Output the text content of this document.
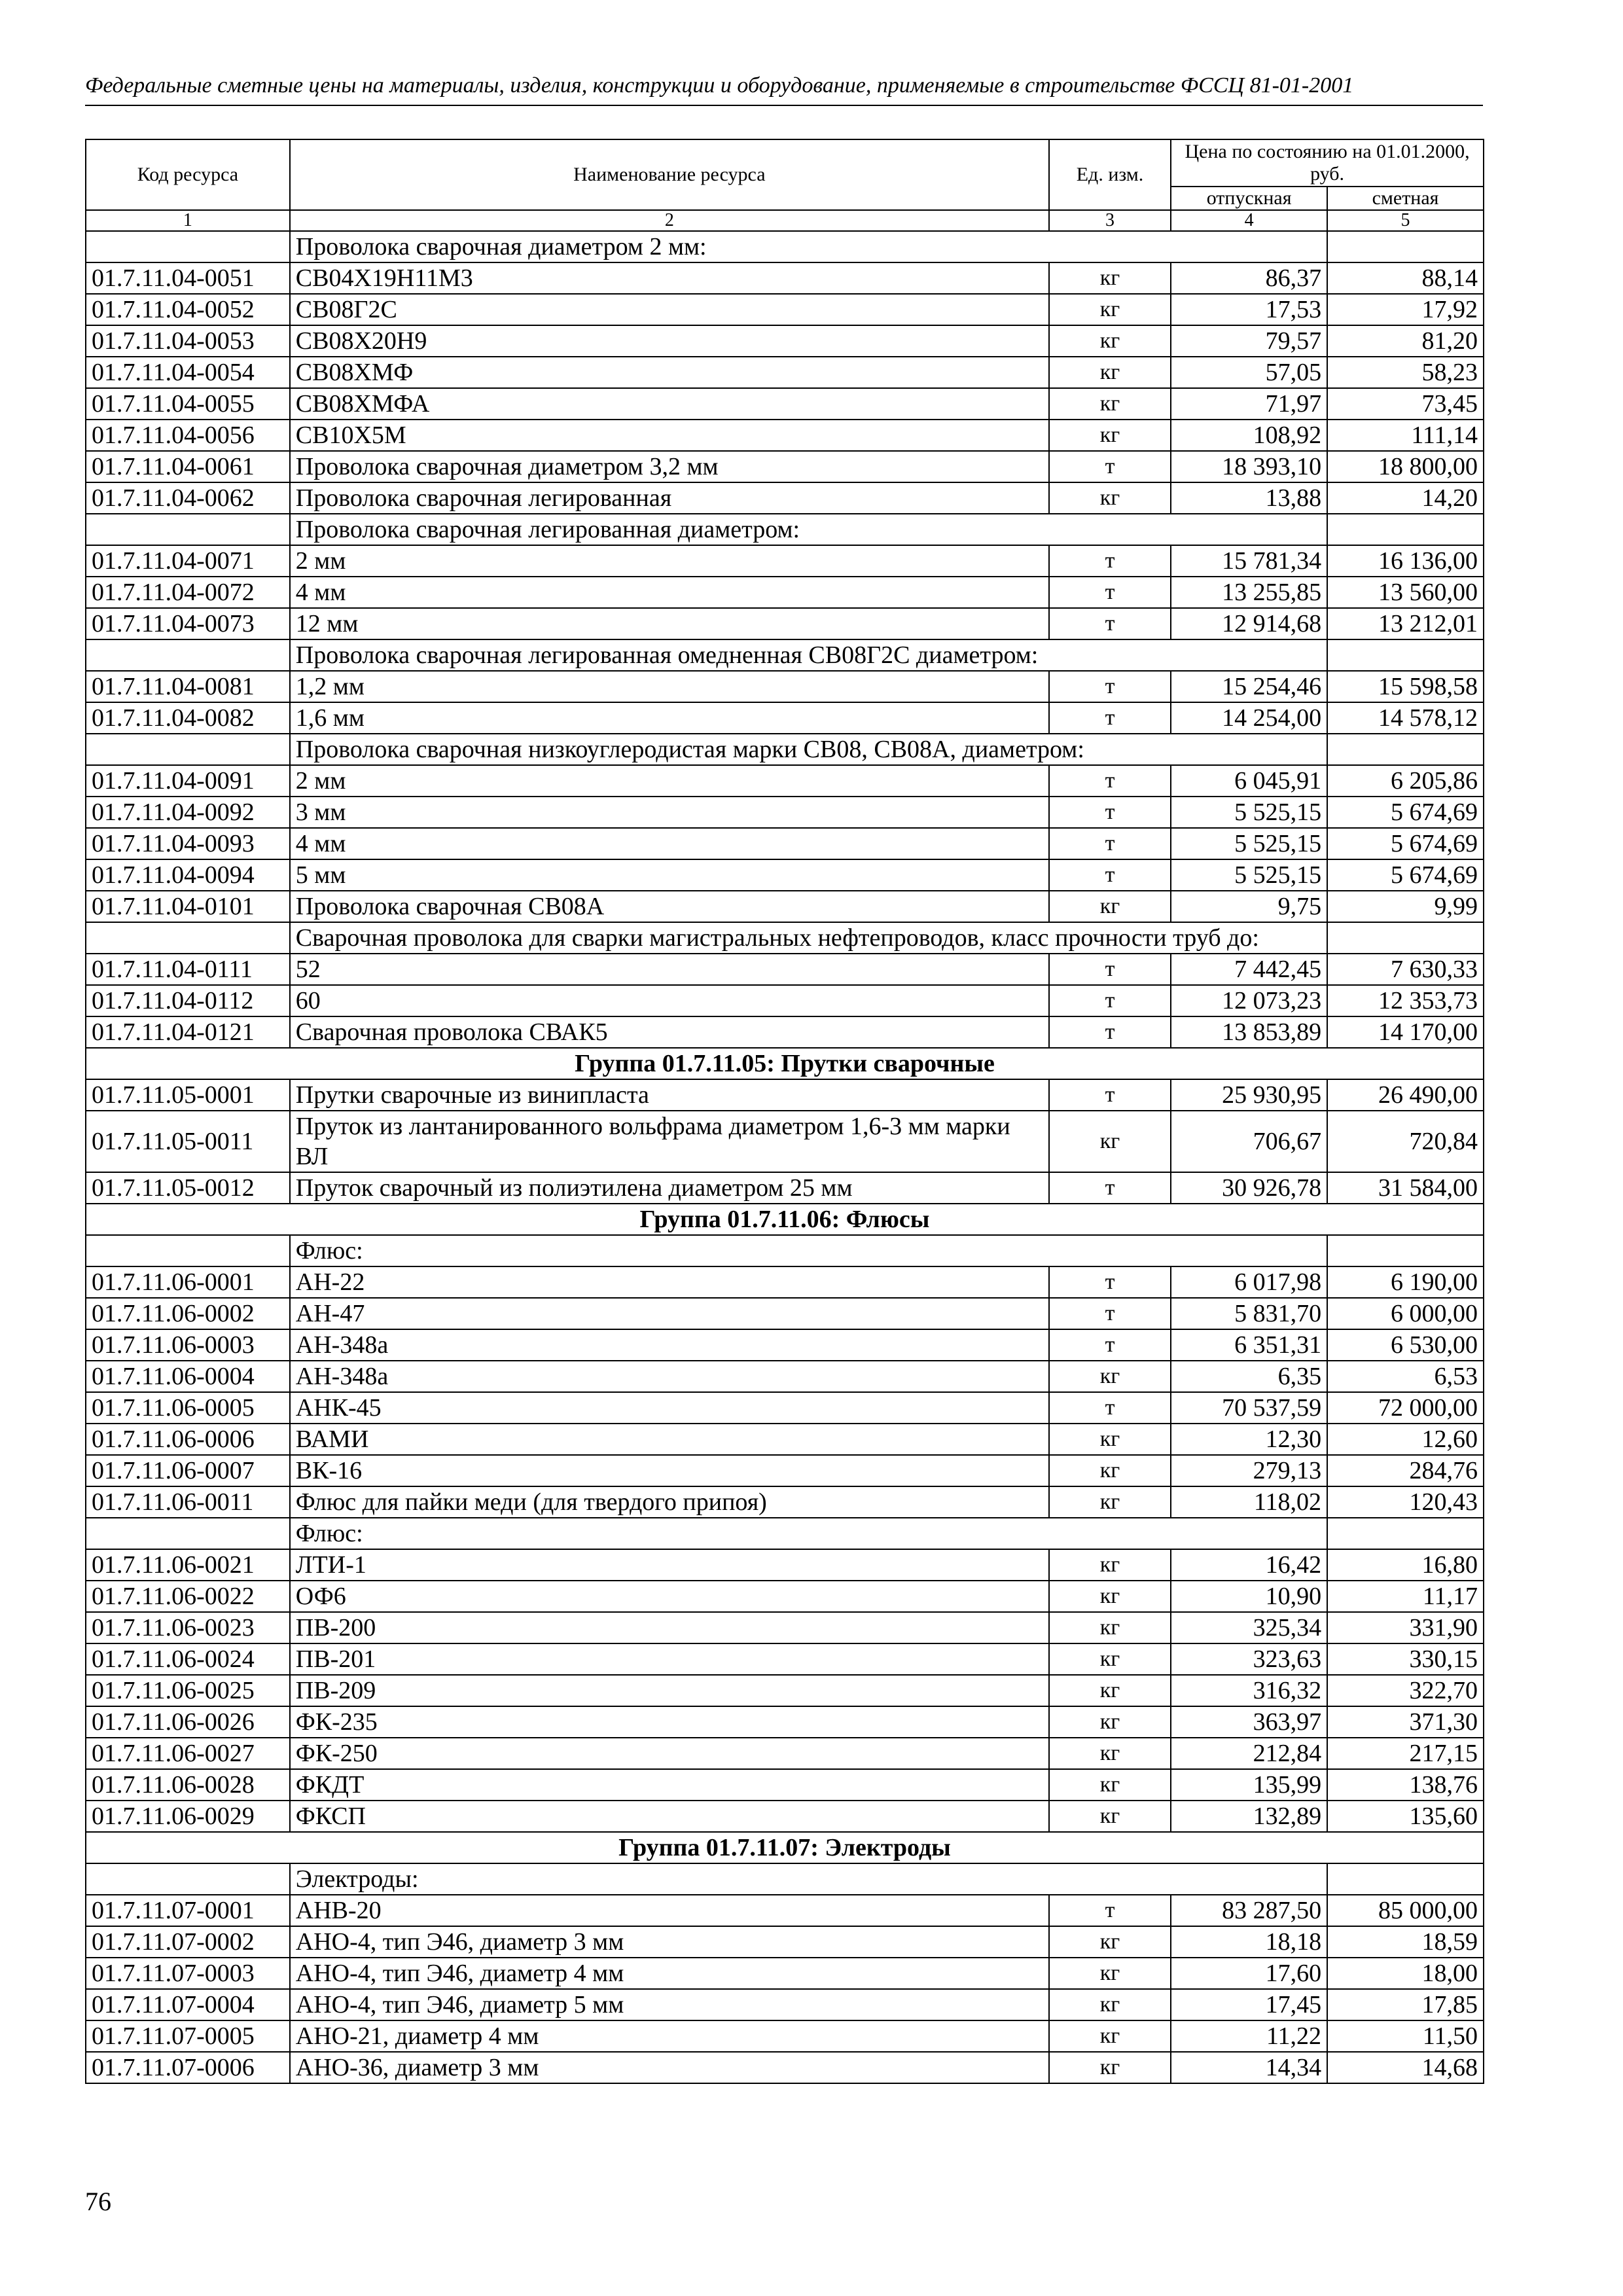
Федеральные сметные цены на материалы, изделия, конструкции и оборудование, применяемые в строительстве ФССЦ 81-01-2001
Код ресурса	Наименование ресурса	Ед. изм.	Цена по состоянию на 01.01.2000, руб.	
			отпускная	сметная
1	2	3	4	5
	Проволока сварочная диаметром 2 мм:			
01.7.11.04-0051	СВ04Х19Н11М3	кг	86,37	88,14
01.7.11.04-0052	СВ08Г2С	кг	17,53	17,92
01.7.11.04-0053	СВ08Х20Н9	кг	79,57	81,20
01.7.11.04-0054	СВ08ХМФ	кг	57,05	58,23
01.7.11.04-0055	СВ08ХМФА	кг	71,97	73,45
01.7.11.04-0056	СВ10Х5М	кг	108,92	111,14
01.7.11.04-0061	Проволока сварочная диаметром 3,2 мм	т	18 393,10	18 800,00
01.7.11.04-0062	Проволока сварочная легированная	кг	13,88	14,20
	Проволока сварочная легированная диаметром:			
01.7.11.04-0071	2 мм	т	15 781,34	16 136,00
01.7.11.04-0072	4 мм	т	13 255,85	13 560,00
01.7.11.04-0073	12 мм	т	12 914,68	13 212,01
	Проволока сварочная легированная омедненная СВ08Г2С диаметром:			
01.7.11.04-0081	1,2 мм	т	15 254,46	15 598,58
01.7.11.04-0082	1,6 мм	т	14 254,00	14 578,12
	Проволока сварочная низкоуглеродистая марки СВ08, СВ08А, диаметром:			
01.7.11.04-0091	2 мм	т	6 045,91	6 205,86
01.7.11.04-0092	3 мм	т	5 525,15	5 674,69
01.7.11.04-0093	4 мм	т	5 525,15	5 674,69
01.7.11.04-0094	5 мм	т	5 525,15	5 674,69
01.7.11.04-0101	Проволока сварочная СВ08А	кг	9,75	9,99
	Сварочная проволока для сварки магистральных нефтепроводов, класс прочности труб до:			
01.7.11.04-0111	52	т	7 442,45	7 630,33
01.7.11.04-0112	60	т	12 073,23	12 353,73
01.7.11.04-0121	Сварочная проволока СВАК5	т	13 853,89	14 170,00
Группа 01.7.11.05: Прутки сварочные				
01.7.11.05-0001	Прутки сварочные из винипласта	т	25 930,95	26 490,00
01.7.11.05-0011	Пруток из лантанированного вольфрама диаметром 1,6-3 мм марки ВЛ	кг	706,67	720,84
01.7.11.05-0012	Пруток сварочный из полиэтилена диаметром 25 мм	т	30 926,78	31 584,00
Группа 01.7.11.06: Флюсы				
	Флюс:			
01.7.11.06-0001	АН-22	т	6 017,98	6 190,00
01.7.11.06-0002	АН-47	т	5 831,70	6 000,00
01.7.11.06-0003	АН-348а	т	6 351,31	6 530,00
01.7.11.06-0004	АН-348а	кг	6,35	6,53
01.7.11.06-0005	АНК-45	т	70 537,59	72 000,00
01.7.11.06-0006	ВАМИ	кг	12,30	12,60
01.7.11.06-0007	ВК-16	кг	279,13	284,76
01.7.11.06-0011	Флюс для пайки меди (для твердого припоя)	кг	118,02	120,43
	Флюс:			
01.7.11.06-0021	ЛТИ-1	кг	16,42	16,80
01.7.11.06-0022	ОФ6	кг	10,90	11,17
01.7.11.06-0023	ПВ-200	кг	325,34	331,90
01.7.11.06-0024	ПВ-201	кг	323,63	330,15
01.7.11.06-0025	ПВ-209	кг	316,32	322,70
01.7.11.06-0026	ФК-235	кг	363,97	371,30
01.7.11.06-0027	ФК-250	кг	212,84	217,15
01.7.11.06-0028	ФКДТ	кг	135,99	138,76
01.7.11.06-0029	ФКСП	кг	132,89	135,60
Группа 01.7.11.07: Электроды				
	Электроды:			
01.7.11.07-0001	АНВ-20	т	83 287,50	85 000,00
01.7.11.07-0002	АНО-4, тип Э46, диаметр 3 мм	кг	18,18	18,59
01.7.11.07-0003	АНО-4, тип Э46, диаметр 4 мм	кг	17,60	18,00
01.7.11.07-0004	АНО-4, тип Э46, диаметр 5 мм	кг	17,45	17,85
01.7.11.07-0005	АНО-21, диаметр 4 мм	кг	11,22	11,50
01.7.11.07-0006	АНО-36, диаметр 3 мм	кг	14,34	14,68
76
